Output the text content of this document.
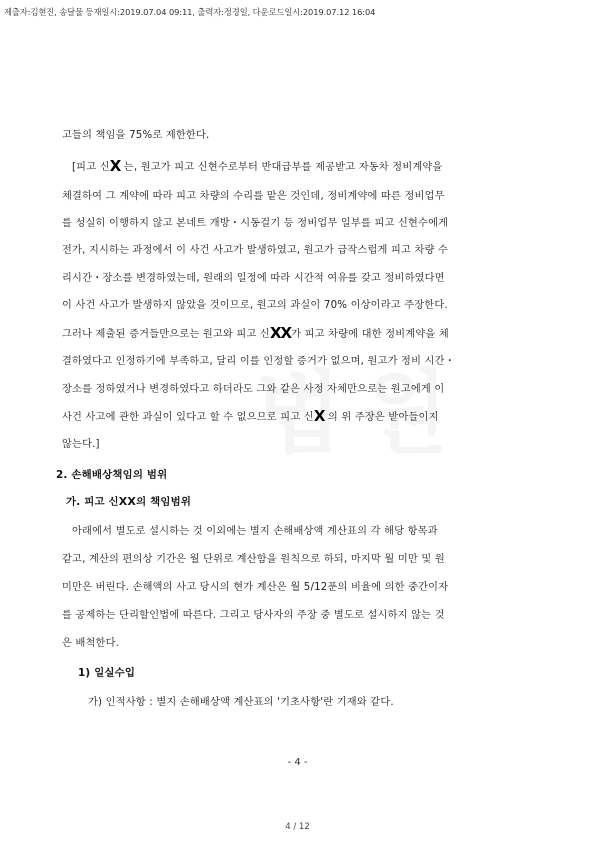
제출자:김현진, 송달물 등재일시:2019.07.04 09:11, 출력자:정경일, 다운로드일시:2019.07.12 16:04
고들의 책임을 75%로 제한한다.
[피고 신X 는, 원고가 피고 신현수로부터 반대급부를 제공받고 자동차 정비계약을
체결하여 그 계약에 따라 피고 차량의 수리를 맡은 것인데, 정비계약에 따른 정비업무
를 성실히 이행하지 않고 본네트 개방・시동걸기 등 정비업무 일부를 피고 신현수에게
전가, 지시하는 과정에서 이 사건 사고가 발생하였고, 원고가 급작스럽게 피고 차량 수
리시간・장소를 변경하였는데, 원래의 일정에 따라 시간적 여유를 갖고 정비하였다면
이 사건 사고가 발생하지 않았을 것이므로, 원고의 과실이 70% 이상이라고 주장한다.
그러나 제출된 증거들만으로는 원고와 피고 신XX가 피고 차량에 대한 정비계약을 체
결하였다고 인정하기에 부족하고, 달리 이를 인정할 증거가 없으며, 원고가 정비 시간・
장소를 정하였거나 변경하였다고 하더라도 그와 같은 사정 자체만으로는 원고에게 이
사건 사고에 관한 과실이 있다고 할 수 없으므로 피고 신X 의 위 주장은 받아들이지
않는다.]
2. 손해배상책임의 범위
가. 피고 신XX의 책임범위
아래에서 별도로 설시하는 것 이외에는 별지 손해배상액 계산표의 각 해당 항목과
같고, 계산의 편의상 기간은 월 단위로 계산함을 원칙으로 하되, 마지막 월 미만 및 원
미만은 버린다. 손해액의 사고 당시의 현가 계산은 월 5/12푼의 비율에 의한 중간이자
를 공제하는 단리할인법에 따른다. 그리고 당사자의 주장 중 별도로 설시하지 않는 것
은 배척한다.
1) 일실수입
가) 인적사항 : 별지 손해배상액 계산표의 '기초사항'란 기재와 같다.
- 4 -
4 / 12
